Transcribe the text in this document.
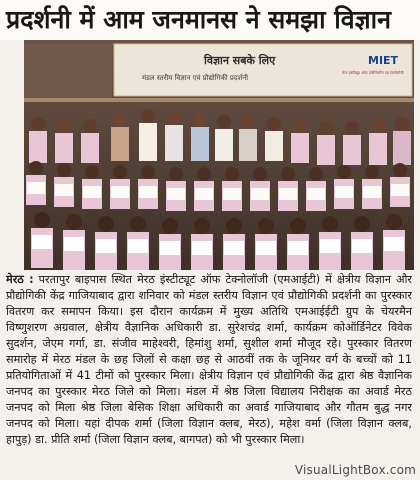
प्रदर्शनी में आम जनमानस ने समझा विज्ञान
विज्ञान सबके लिए
मंडल स्तरीय विज्ञान एवं प्रौद्योगिकी प्रदर्शनी
MIET
मेरठ इंस्टीट्यूट ऑफ इंजीनियरिंग एंड टेक्नोलॉजी

मेरठ : परतापुर बाइपास स्थित मेरठ इंस्टीट्यूट ऑफ टेक्नोलॉजी (एमआईटी) में क्षेत्रीय विज्ञान और प्रौद्योगिकी केंद्र गाजियाबाद द्वारा शनिवार को मंडल स्तरीय विज्ञान एवं प्रौद्योगिकी प्रदर्शनी का पुरस्कार वितरण कर समापन किया। इस दौरान कार्यक्रम में मुख्य अतिथि एमआईईटी ग्रुप के चेयरमैन विष्णुशरण अग्रवाल, क्षेत्रीय वैज्ञानिक अधिकारी डा. सुरेशचंद्र शर्मा, कार्यक्रम कोऑर्डिनेटर विवेक सुदर्शन, जेएम गर्गा, डा. संजीव माहेश्वरी, हिमांशु शर्मा, सुशील शर्मा मौजूद रहे। पुरस्कार वितरण समारोह में मेरठ मंडल के छह जिलों से कक्षा छह से आठवीं तक के जूनियर वर्ग के बच्चों को 11 प्रतियोगिताओं में 41 टीमों को पुरस्कार मिला। क्षेत्रीय विज्ञान एवं प्रौद्योगिकी केंद्र द्वारा श्रेष्ठ वैज्ञानिक जनपद का पुरस्कार मेरठ जिले को मिला। मंडल में श्रेष्ठ जिला विद्यालय निरीक्षक का अवार्ड मेरठ जनपद को मिला श्रेष्ठ जिला बेसिक शिक्षा अधिकारी का अवार्ड गाजियाबाद और गौतम बुद्ध नगर जनपद को मिला। यहां दीपक शर्मा (जिला विज्ञान क्लब, मेरठ), महेश वर्मा (जिला विज्ञान क्लब, हापुड़) डा. प्रीति शर्मा (जिला विज्ञान क्लब, बागपत) को भी पुरस्कार मिला।

VisualLightBox.com
